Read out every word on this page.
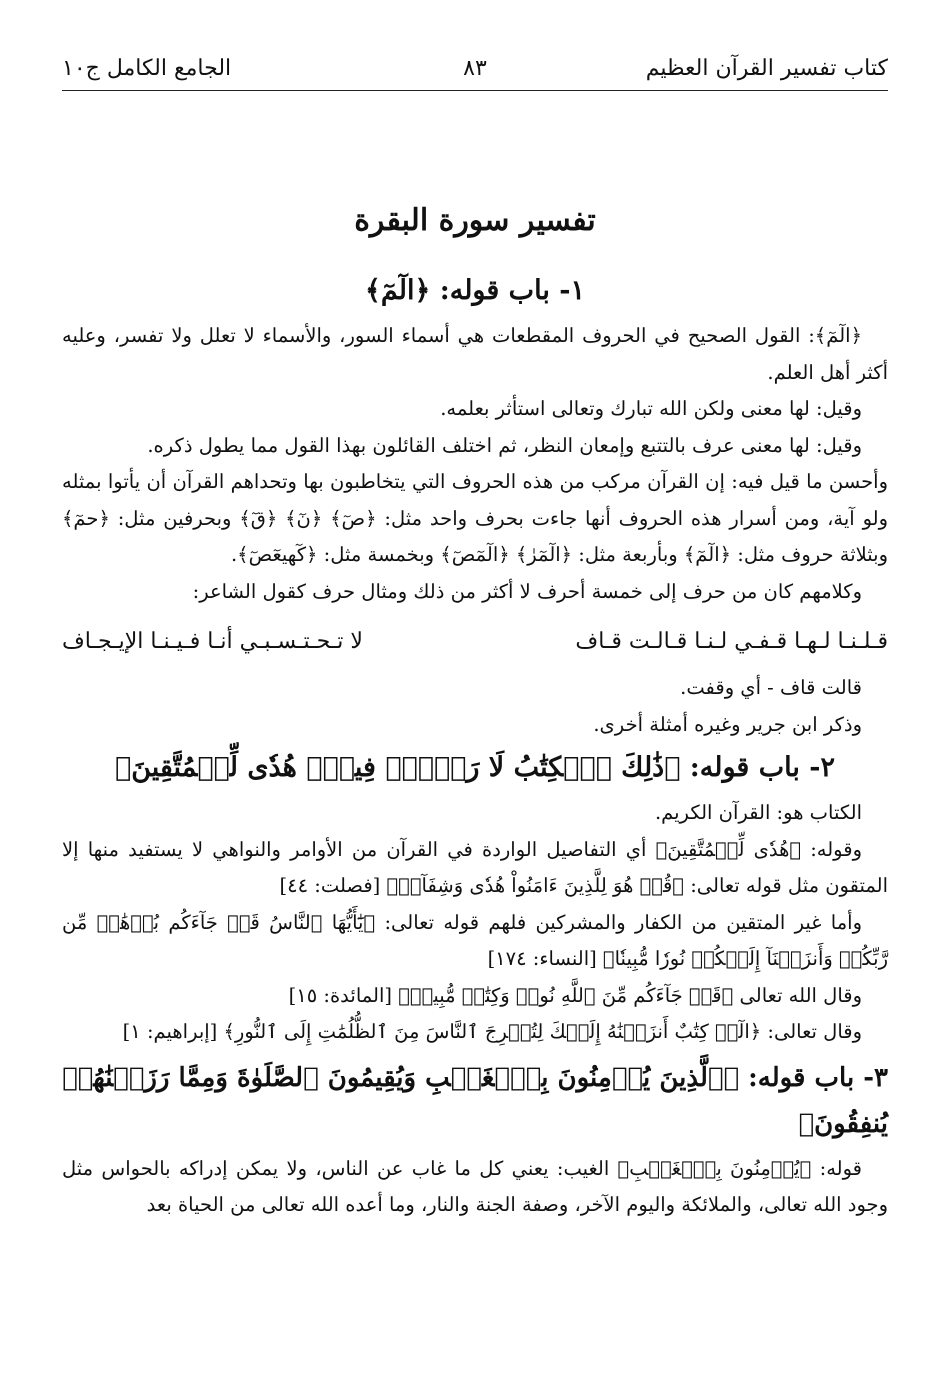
كتاب تفسير القرآن العظيم
٨٣
الجامع الكامل ج١٠
تفسير سورة البقرة
١- باب قوله: ﴿الٓمٓ﴾

﴿الٓمٓ﴾: القول الصحيح في الحروف المقطعات هي أسماء السور، والأسماء لا تعلل ولا تفسر، وعليه أكثر أهل العلم.

وقيل: لها معنى ولكن الله تبارك وتعالى استأثر بعلمه.

وقيل: لها معنى عرف بالتتبع وإمعان النظر، ثم اختلف القائلون بهذا القول مما يطول ذكره.

وأحسن ما قيل فيه: إن القرآن مركب من هذه الحروف التي يتخاطبون بها وتحداهم القرآن أن يأتوا بمثله ولو آية، ومن أسرار هذه الحروف أنها جاءت بحرف واحد مثل: ﴿صٓ﴾ ﴿نٓ﴾ ﴿قٓ﴾ وبحرفين مثل: ﴿حمٓ﴾ وبثلاثة حروف مثل: ﴿الٓمٓ﴾ وبأربعة مثل: ﴿الٓمٓرٰ﴾ ﴿الٓمٓصٓ﴾ وبخمسة مثل: ﴿كٓهيعٓصٓ﴾.

وكلامهم كان من حرف إلى خمسة أحرف لا أكثر من ذلك ومثال حرف كقول الشاعر:

قـلـنـا لـهـا قـفـي لـنـا قـالـت قـاف
لا تـحـتـسـبـي أنـا فـيـنـا الإيـجـاف

قالت قاف - أي وقفت.

وذكر ابن جرير وغيره أمثلة أخرى.

٢- باب قوله: ﴿ذَٰلِكَ ٱلۡكِتَٰبُ لَا رَيۡبَۛ فِيهِۛ هُدٗى لِّلۡمُتَّقِينَ﴾

الكتاب هو: القرآن الكريم.

وقوله: ﴿هُدٗى لِّلۡمُتَّقِينَ﴾ أي التفاصيل الواردة في القرآن من الأوامر والنواهي لا يستفيد منها إلا المتقون مثل قوله تعالى: ﴿قُلۡ هُوَ لِلَّذِينَ ءَامَنُواْ هُدٗى وَشِفَآءٞ﴾ [فصلت: ٤٤]

وأما غير المتقين من الكفار والمشركين فلهم قوله تعالى: ﴿يَٰٓأَيُّهَا ٱلنَّاسُ قَدۡ جَآءَكُم بُرۡهَٰنٞ مِّن رَّبِّكُمۡ وَأَنزَلۡنَآ إِلَيۡكُمۡ نُورٗا مُّبِينٗا﴾ [النساء: ١٧٤]

وقال الله تعالى ﴿قَدۡ جَآءَكُم مِّنَ ٱللَّهِ نُورٞ وَكِتَٰبٞ مُّبِينٞ﴾ [المائدة: ١٥]

وقال تعالى: ﴿الٓرۚ كِتَٰبٌ أَنزَلۡنَٰهُ إِلَيۡكَ لِتُخۡرِجَ ٱلنَّاسَ مِنَ ٱلظُّلُمَٰتِ إِلَى ٱلنُّورِ﴾ [إبراهيم: ١]

٣- باب قوله: ﴿ٱلَّذِينَ يُؤۡمِنُونَ بِٱلۡغَيۡبِ وَيُقِيمُونَ ٱلصَّلَوٰةَ وَمِمَّا رَزَقۡنَٰهُمۡ يُنفِقُونَ﴾

قوله: ﴿يُؤۡمِنُونَ بِٱلۡغَيۡبِ﴾ الغيب: يعني كل ما غاب عن الناس، ولا يمكن إدراكه بالحواس مثل وجود الله تعالى، والملائكة واليوم الآخر، وصفة الجنة والنار، وما أعده الله تعالى من الحياة بعد
